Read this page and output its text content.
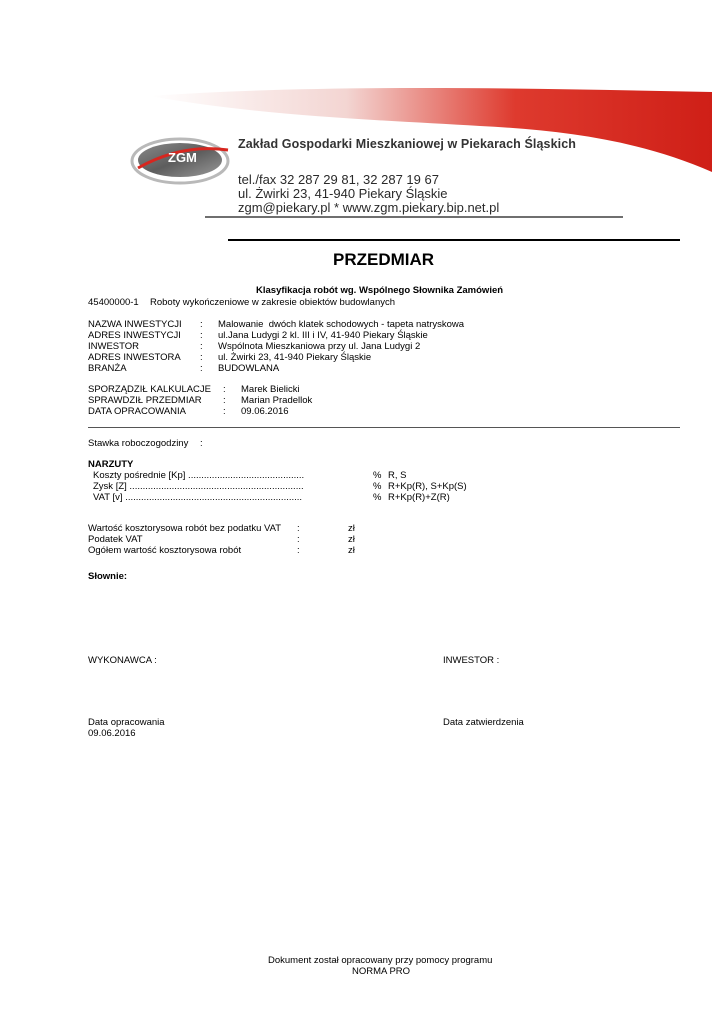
ZGM
Zakład Gospodarki Mieszkaniowej w Piekarach Śląskich
tel./fax 32 287 29 81, 32 287 19 67
ul. Żwirki 23, 41-940 Piekary Śląskie
zgm@piekary.pl * www.zgm.piekary.bip.net.pl
PRZEDMIAR
Klasyfikacja robót wg. Wspólnego Słownika Zamówień
45400000-1 Roboty wykończeniowe w zakresie obiektów budowlanych
NAZWA INWESTYCJI : Malowanie  dwóch klatek schodowych - tapeta natryskowa
ADRES INWESTYCJI : ul.Jana Ludygi 2 kl. III i IV, 41-940 Piekary Śląskie
INWESTOR	: Wspólnota Mieszkaniowa przy ul. Jana Ludygi 2
ADRES INWESTORA : ul. Żwirki 23, 41-940 Piekary Śląskie
BRANŻA	: BUDOWLANA
SPORZĄDZIŁ KALKULACJE : Marek Bielicki
SPRAWDZIŁ PRZEDMIAR : Marian Pradellok
DATA OPRACOWANIA	: 09.06.2016
Stawka roboczogodziny :
NARZUTY
Koszty pośrednie [Kp] ............................................	% R, S
Zysk [Z] ..................................................................	% R+Kp(R), S+Kp(S)
VAT [v] ...................................................................	% R+Kp(R)+Z(R)
Wartość kosztorysowa robót bez podatku VAT :	zł
Podatek VAT	:	zł
Ogółem wartość kosztorysowa robót	:	zł
Słownie:
WYKONAWCA :	INWESTOR :
Data opracowania
09.06.2016
Data zatwierdzenia
Dokument został opracowany przy pomocy programu
NORMA PRO
